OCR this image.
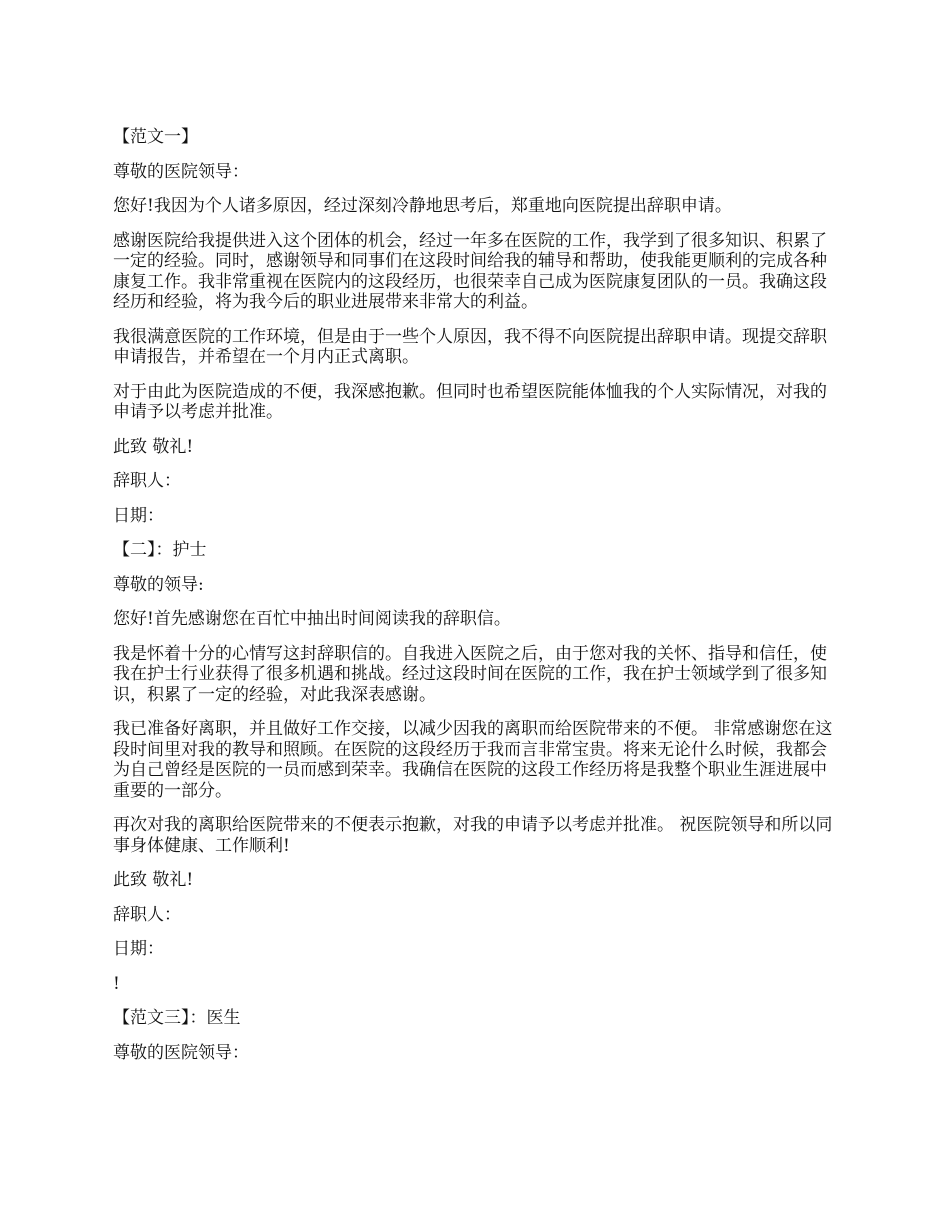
【范文一】

尊敬的医院领导：

您好!我因为个人诸多原因，经过深刻冷静地思考后，郑重地向医院提出辞职申请。

感谢医院给我提供进入这个团体的机会，经过一年多在医院的工作，我学到了很多知识、积累了一定的经验。同时，感谢领导和同事们在这段时间给我的辅导和帮助，使我能更顺利的完成各种康复工作。我非常重视在医院内的这段经历，也很荣幸自己成为医院康复团队的一员。我确这段经历和经验，将为我今后的职业进展带来非常大的利益。

我很满意医院的工作环境，但是由于一些个人原因，我不得不向医院提出辞职申请。现提交辞职申请报告，并希望在一个月内正式离职。

对于由此为医院造成的不便，我深感抱歉。但同时也希望医院能体恤我的个人实际情况，对我的申请予以考虑并批准。

此致 敬礼!

辞职人：

日期：

【二】：护士

尊敬的领导:

您好!首先感谢您在百忙中抽出时间阅读我的辞职信。

我是怀着十分的心情写这封辞职信的。自我进入医院之后，由于您对我的关怀、指导和信任，使我在护士行业获得了很多机遇和挑战。经过这段时间在医院的工作，我在护士领域学到了很多知识，积累了一定的经验，对此我深表感谢。

我已准备好离职，并且做好工作交接，以减少因我的离职而给医院带来的不便。 非常感谢您在这段时间里对我的教导和照顾。在医院的这段经历于我而言非常宝贵。将来无论什么时候，我都会为自己曾经是医院的一员而感到荣幸。我确信在医院的这段工作经历将是我整个职业生涯进展中重要的一部分。

再次对我的离职给医院带来的不便表示抱歉，对我的申请予以考虑并批准。 祝医院领导和所以同事身体健康、工作顺利!

此致 敬礼!

辞职人：

日期：

!

【范文三】：医生

尊敬的医院领导：
